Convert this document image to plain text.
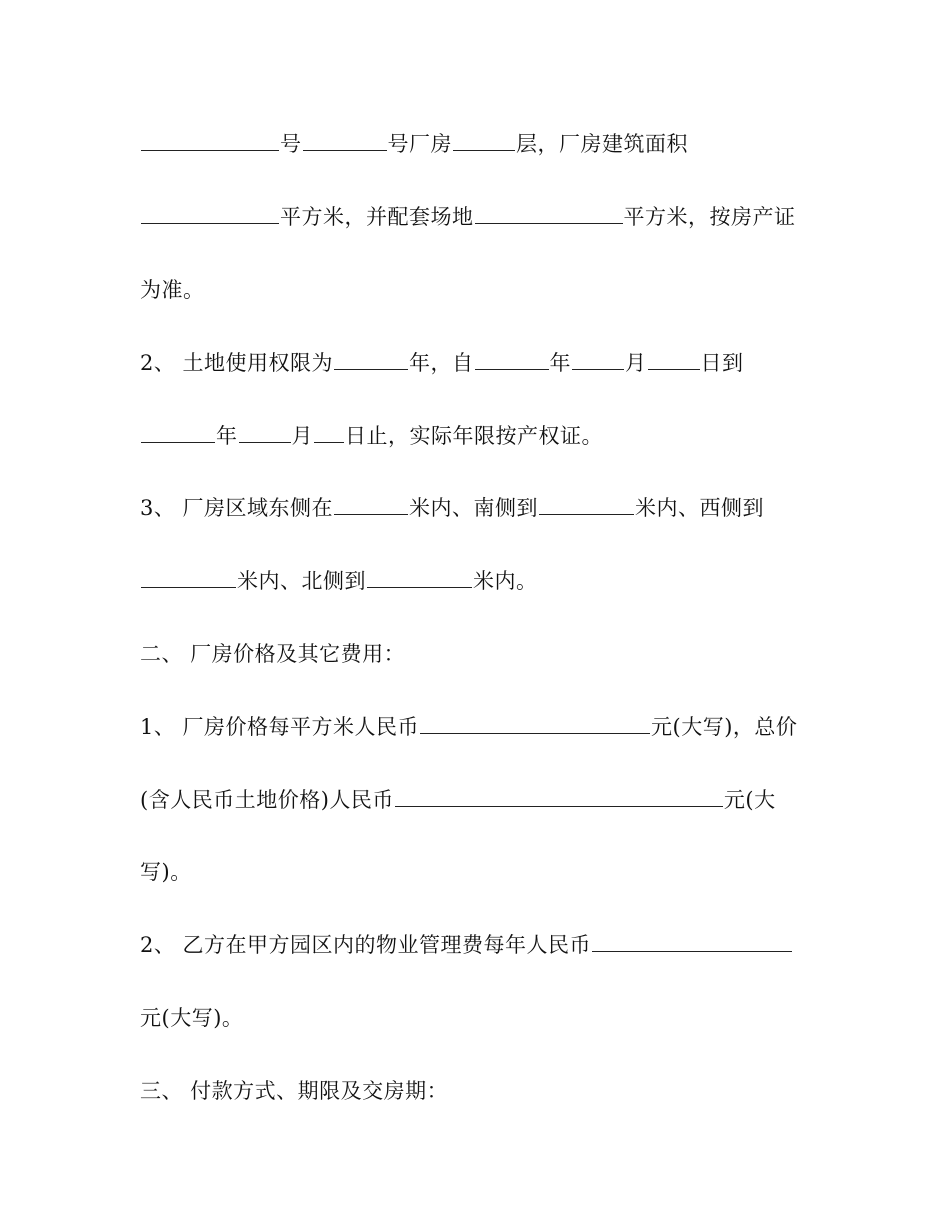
号	号厂房	层，厂房建筑面积
平方米，并配套场地	平方米，按房产证
为准。
2、 土地使用权限为	年，自	年	月	日到
年	月 日止，实际年限按产权证。
3、 厂房区域东侧在	米内、南侧到	米内、西侧到
米内、北侧到	米内。
二、 厂房价格及其它费用：
1、 厂房价格每平方米人民币	元(大写)，总价
(含人民币土地价格)人民币	元(大
写)。
2、 乙方在甲方园区内的物业管理费每年人民币
元(大写)。
三、 付款方式、期限及交房期：
